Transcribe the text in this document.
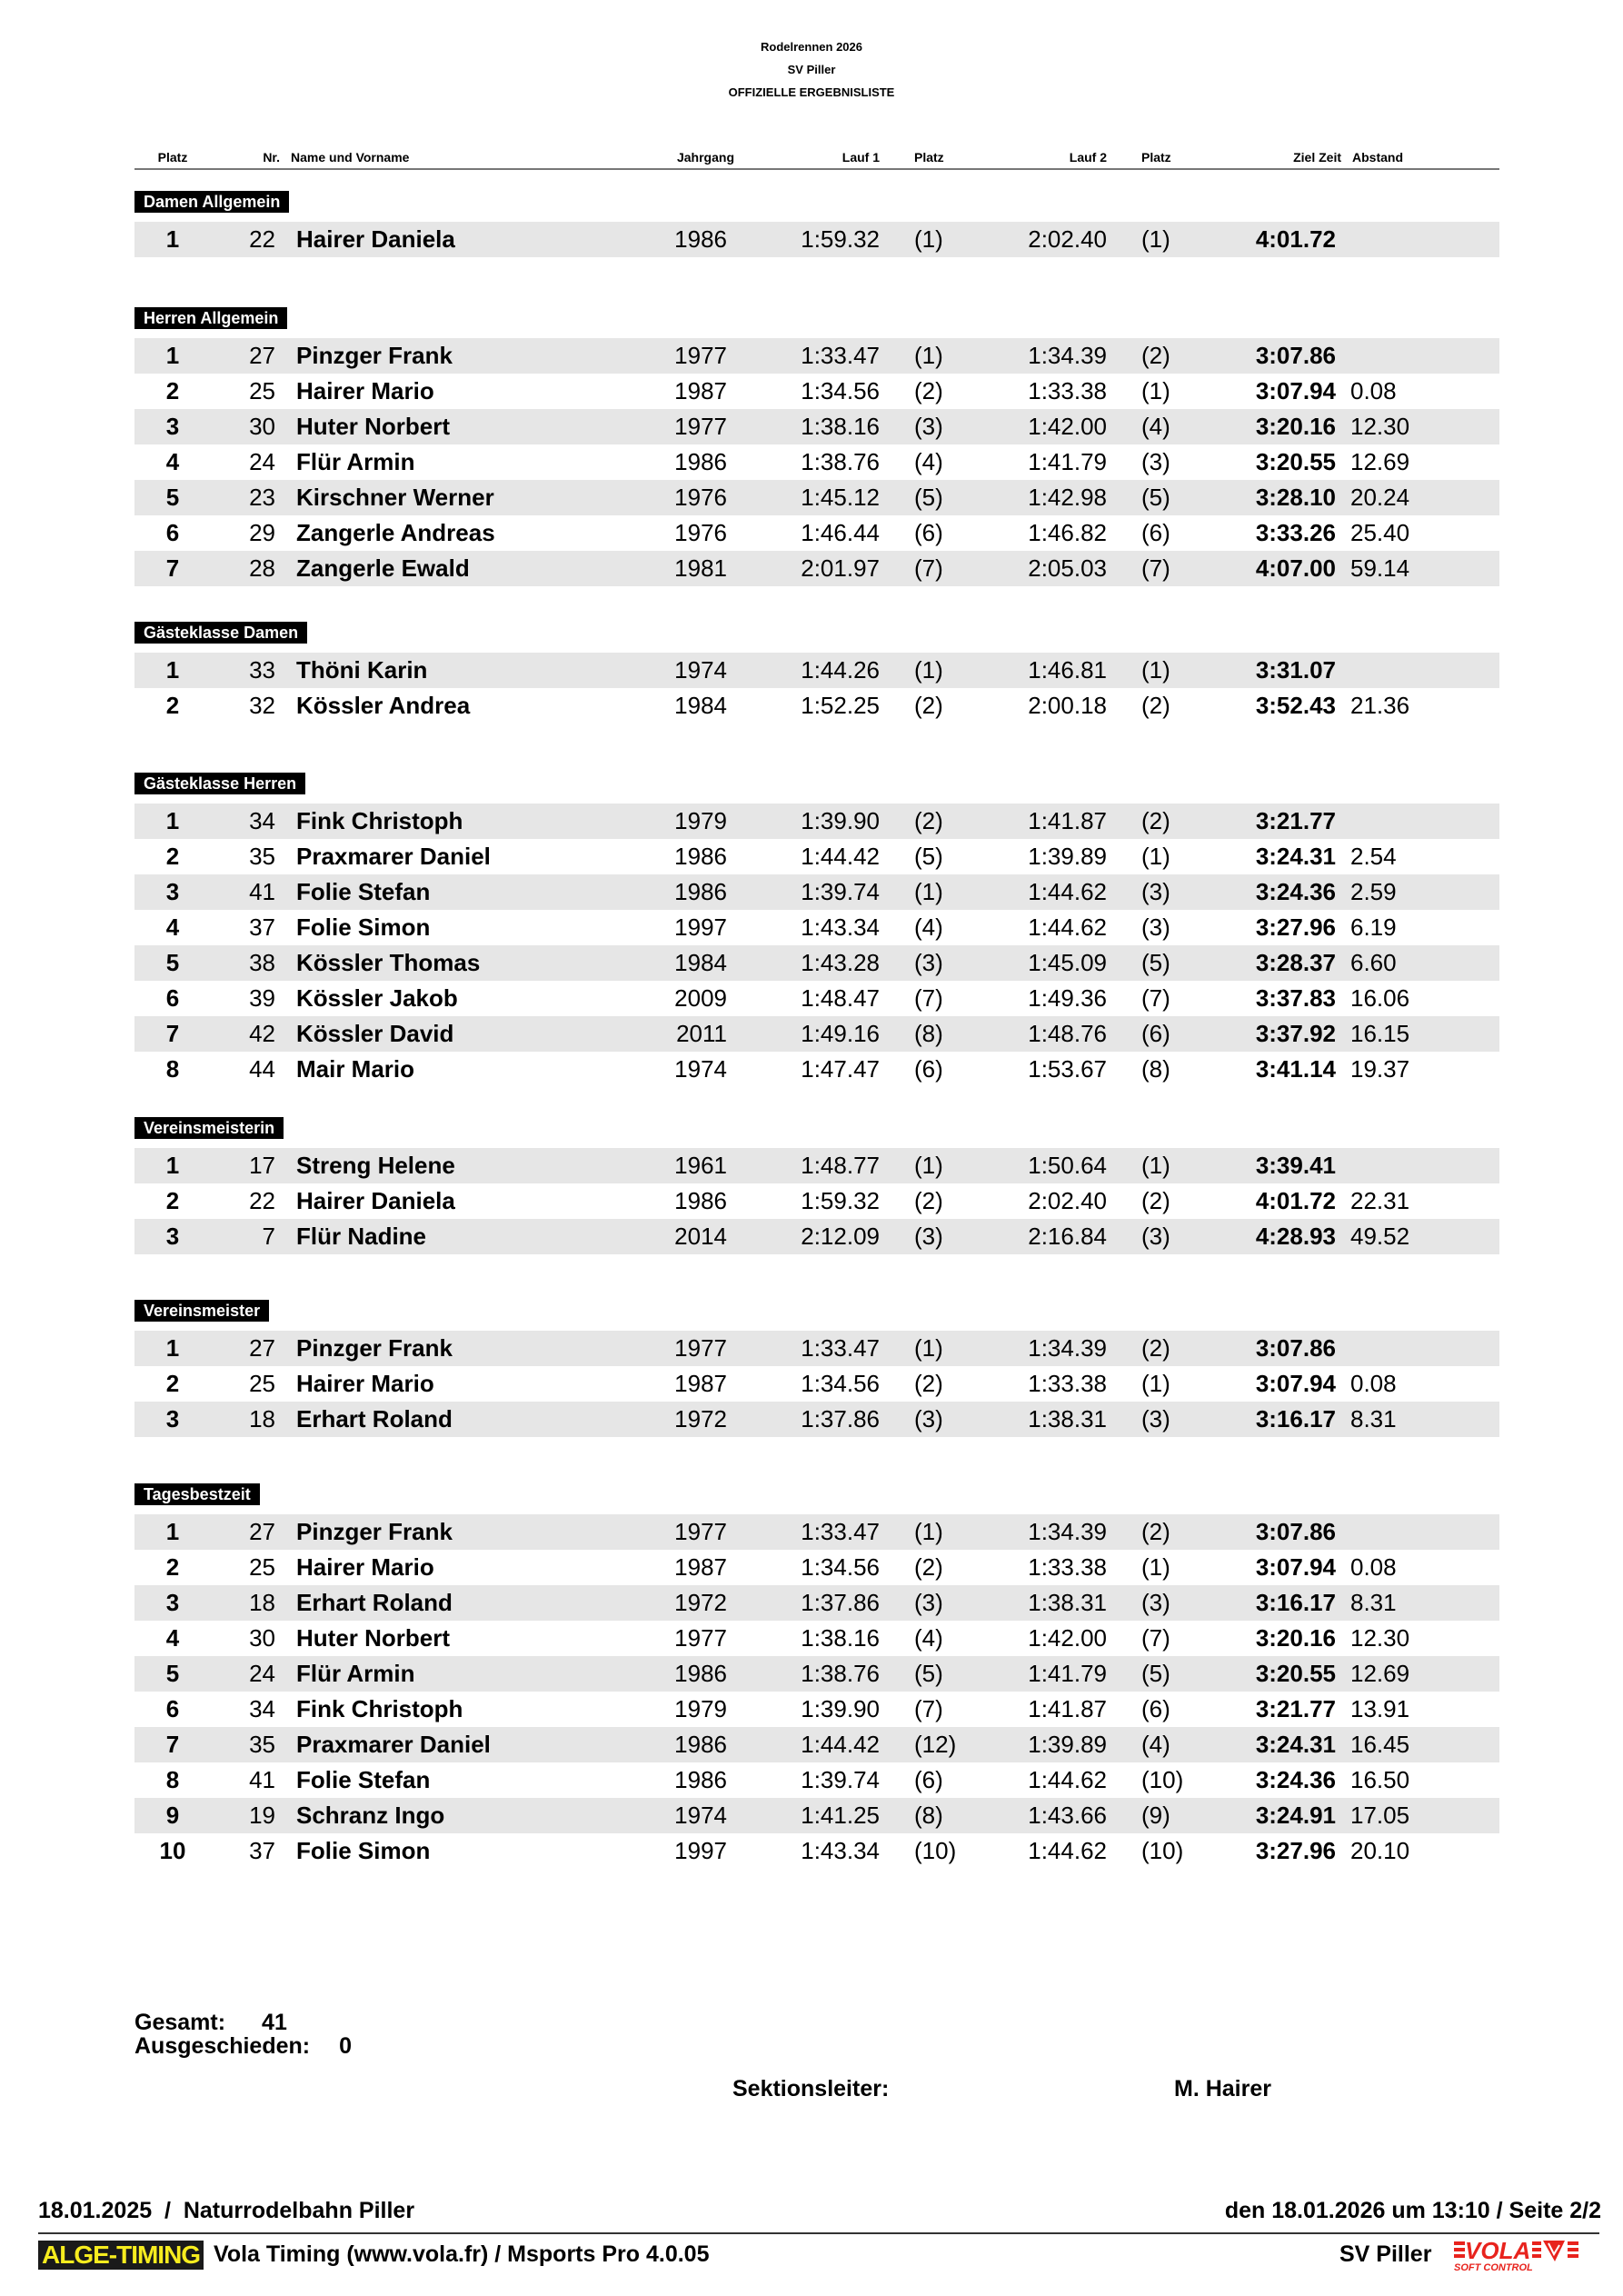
Rodelrennen 2026
SV Piller
OFFIZIELLE ERGEBNISLISTE
Platz	Nr. Name und Vorname	Jahrgang	Lauf 1	Platz	Lauf 2	Platz	Ziel Zeit Abstand
Damen Allgemein
1	22 Hairer Daniela	1986	1:59.32 (1)	2:02.40 (1)	4:01.72
Herren Allgemein
1	27 Pinzger Frank	1977	1:33.47 (1)	1:34.39 (2)	3:07.86
2	25 Hairer Mario	1987	1:34.56 (2)	1:33.38 (1)	3:07.94 0.08
3	30 Huter Norbert	1977	1:38.16 (3)	1:42.00 (4)	3:20.16 12.30
4	24 Flür Armin	1986	1:38.76 (4)	1:41.79 (3)	3:20.55 12.69
5	23 Kirschner Werner	1976	1:45.12 (5)	1:42.98 (5)	3:28.10 20.24
6	29 Zangerle Andreas	1976	1:46.44 (6)	1:46.82 (6)	3:33.26 25.40
7	28 Zangerle Ewald	1981	2:01.97 (7)	2:05.03 (7)	4:07.00 59.14
Gästeklasse Damen
1	33 Thöni Karin	1974	1:44.26 (1)	1:46.81 (1)	3:31.07
2	32 Kössler Andrea	1984	1:52.25 (2)	2:00.18 (2)	3:52.43 21.36
Gästeklasse Herren
1	34 Fink Christoph	1979	1:39.90 (2)	1:41.87 (2)	3:21.77
2	35 Praxmarer Daniel	1986	1:44.42 (5)	1:39.89 (1)	3:24.31 2.54
3	41 Folie Stefan	1986	1:39.74 (1)	1:44.62 (3)	3:24.36 2.59
4	37 Folie Simon	1997	1:43.34 (4)	1:44.62 (3)	3:27.96 6.19
5	38 Kössler Thomas	1984	1:43.28 (3)	1:45.09 (5)	3:28.37 6.60
6	39 Kössler Jakob	2009	1:48.47 (7)	1:49.36 (7)	3:37.83 16.06
7	42 Kössler David	2011	1:49.16 (8)	1:48.76 (6)	3:37.92 16.15
8	44 Mair Mario	1974	1:47.47 (6)	1:53.67 (8)	3:41.14 19.37
Vereinsmeisterin
1	17 Streng Helene	1961	1:48.77 (1)	1:50.64 (1)	3:39.41
2	22 Hairer Daniela	1986	1:59.32 (2)	2:02.40 (2)	4:01.72 22.31
3	7 Flür Nadine	2014	2:12.09 (3)	2:16.84 (3)	4:28.93 49.52
Vereinsmeister
1	27 Pinzger Frank	1977	1:33.47 (1)	1:34.39 (2)	3:07.86
2	25 Hairer Mario	1987	1:34.56 (2)	1:33.38 (1)	3:07.94 0.08
3	18 Erhart Roland	1972	1:37.86 (3)	1:38.31 (3)	3:16.17 8.31
Tagesbestzeit
1	27 Pinzger Frank	1977	1:33.47 (1)	1:34.39 (2)	3:07.86
2	25 Hairer Mario	1987	1:34.56 (2)	1:33.38 (1)	3:07.94 0.08
3	18 Erhart Roland	1972	1:37.86 (3)	1:38.31 (3)	3:16.17 8.31
4	30 Huter Norbert	1977	1:38.16 (4)	1:42.00 (7)	3:20.16 12.30
5	24 Flür Armin	1986	1:38.76 (5)	1:41.79 (5)	3:20.55 12.69
6	34 Fink Christoph	1979	1:39.90 (7)	1:41.87 (6)	3:21.77 13.91
7	35 Praxmarer Daniel	1986	1:44.42 (12)	1:39.89 (4)	3:24.31 16.45
8	41 Folie Stefan	1986	1:39.74 (6)	1:44.62 (10)	3:24.36 16.50
9	19 Schranz Ingo	1974	1:41.25 (8)	1:43.66 (9)	3:24.91 17.05
10	37 Folie Simon	1997	1:43.34 (10)	1:44.62 (10)	3:27.96 20.10
Gesamt: 41
Ausgeschieden: 0
Sektionsleiter:	M. Hairer
18.01.2025  /  Naturrodelbahn Piller	den 18.01.2026 um 13:10 / Seite 2/2
ALGE-TIMING Vola Timing (www.vola.fr) / Msports Pro 4.0.05	SV Piller VOLA
SOFT CONTROL
